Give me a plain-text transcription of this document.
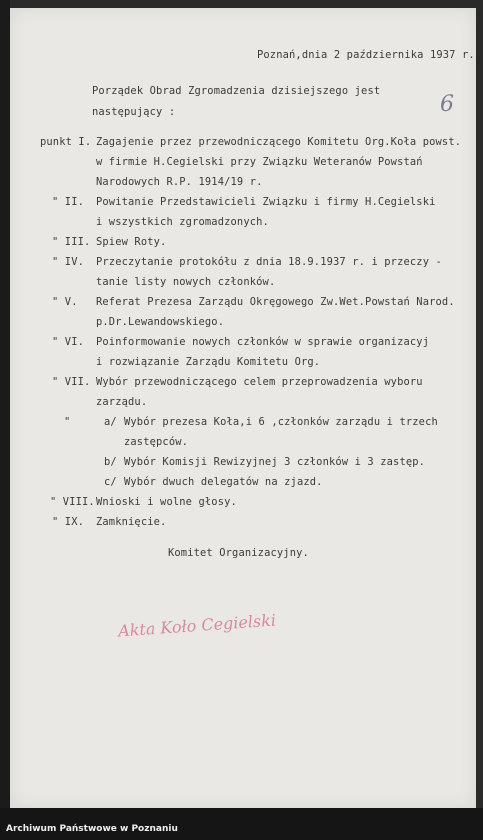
Poznań,dnia 2 października 1937 r.
Porządek Obrad Zgromadzenia dzisiejszego jest
następujący :	6
punkt I. Zagajenie przez przewodniczącego Komitetu Org.Koła powst.
w firmie H.Cegielski przy Związku Weteranów Powstań
Narodowych R.P. 1914/19 r.
" II. Powitanie Przedstawicieli Związku i firmy H.Cegielski
i wszystkich zgromadzonych.
" III. Spiew Roty.
" IV. Przeczytanie protokółu z dnia 18.9.1937 r. i przeczy -
tanie listy nowych członków.
" V. Referat Prezesa Zarządu Okręgowego Zw.Wet.Powstań Narod.
p.Dr.Lewandowskiego.
" VI. Poinformowanie nowych członków w sprawie organizacyj
i rozwiązanie Zarządu Komitetu Org.
" VII. Wybór przewodniczącego celem przeprowadzenia wyboru
zarządu.
"	a/ Wybór prezesa Koła,i 6 ,członków zarządu i trzech
zastępców.
b/ Wybór Komisji Rewizyjnej 3 członków i 3 zastęp.
c/ Wybór dwuch delegatów na zjazd.
" VIII. Wnioski i wolne głosy.
" IX. Zamknięcie.
Komitet Organizacyjny.
Akta Koło Cegielski
Archiwum Państwowe w Poznaniu
